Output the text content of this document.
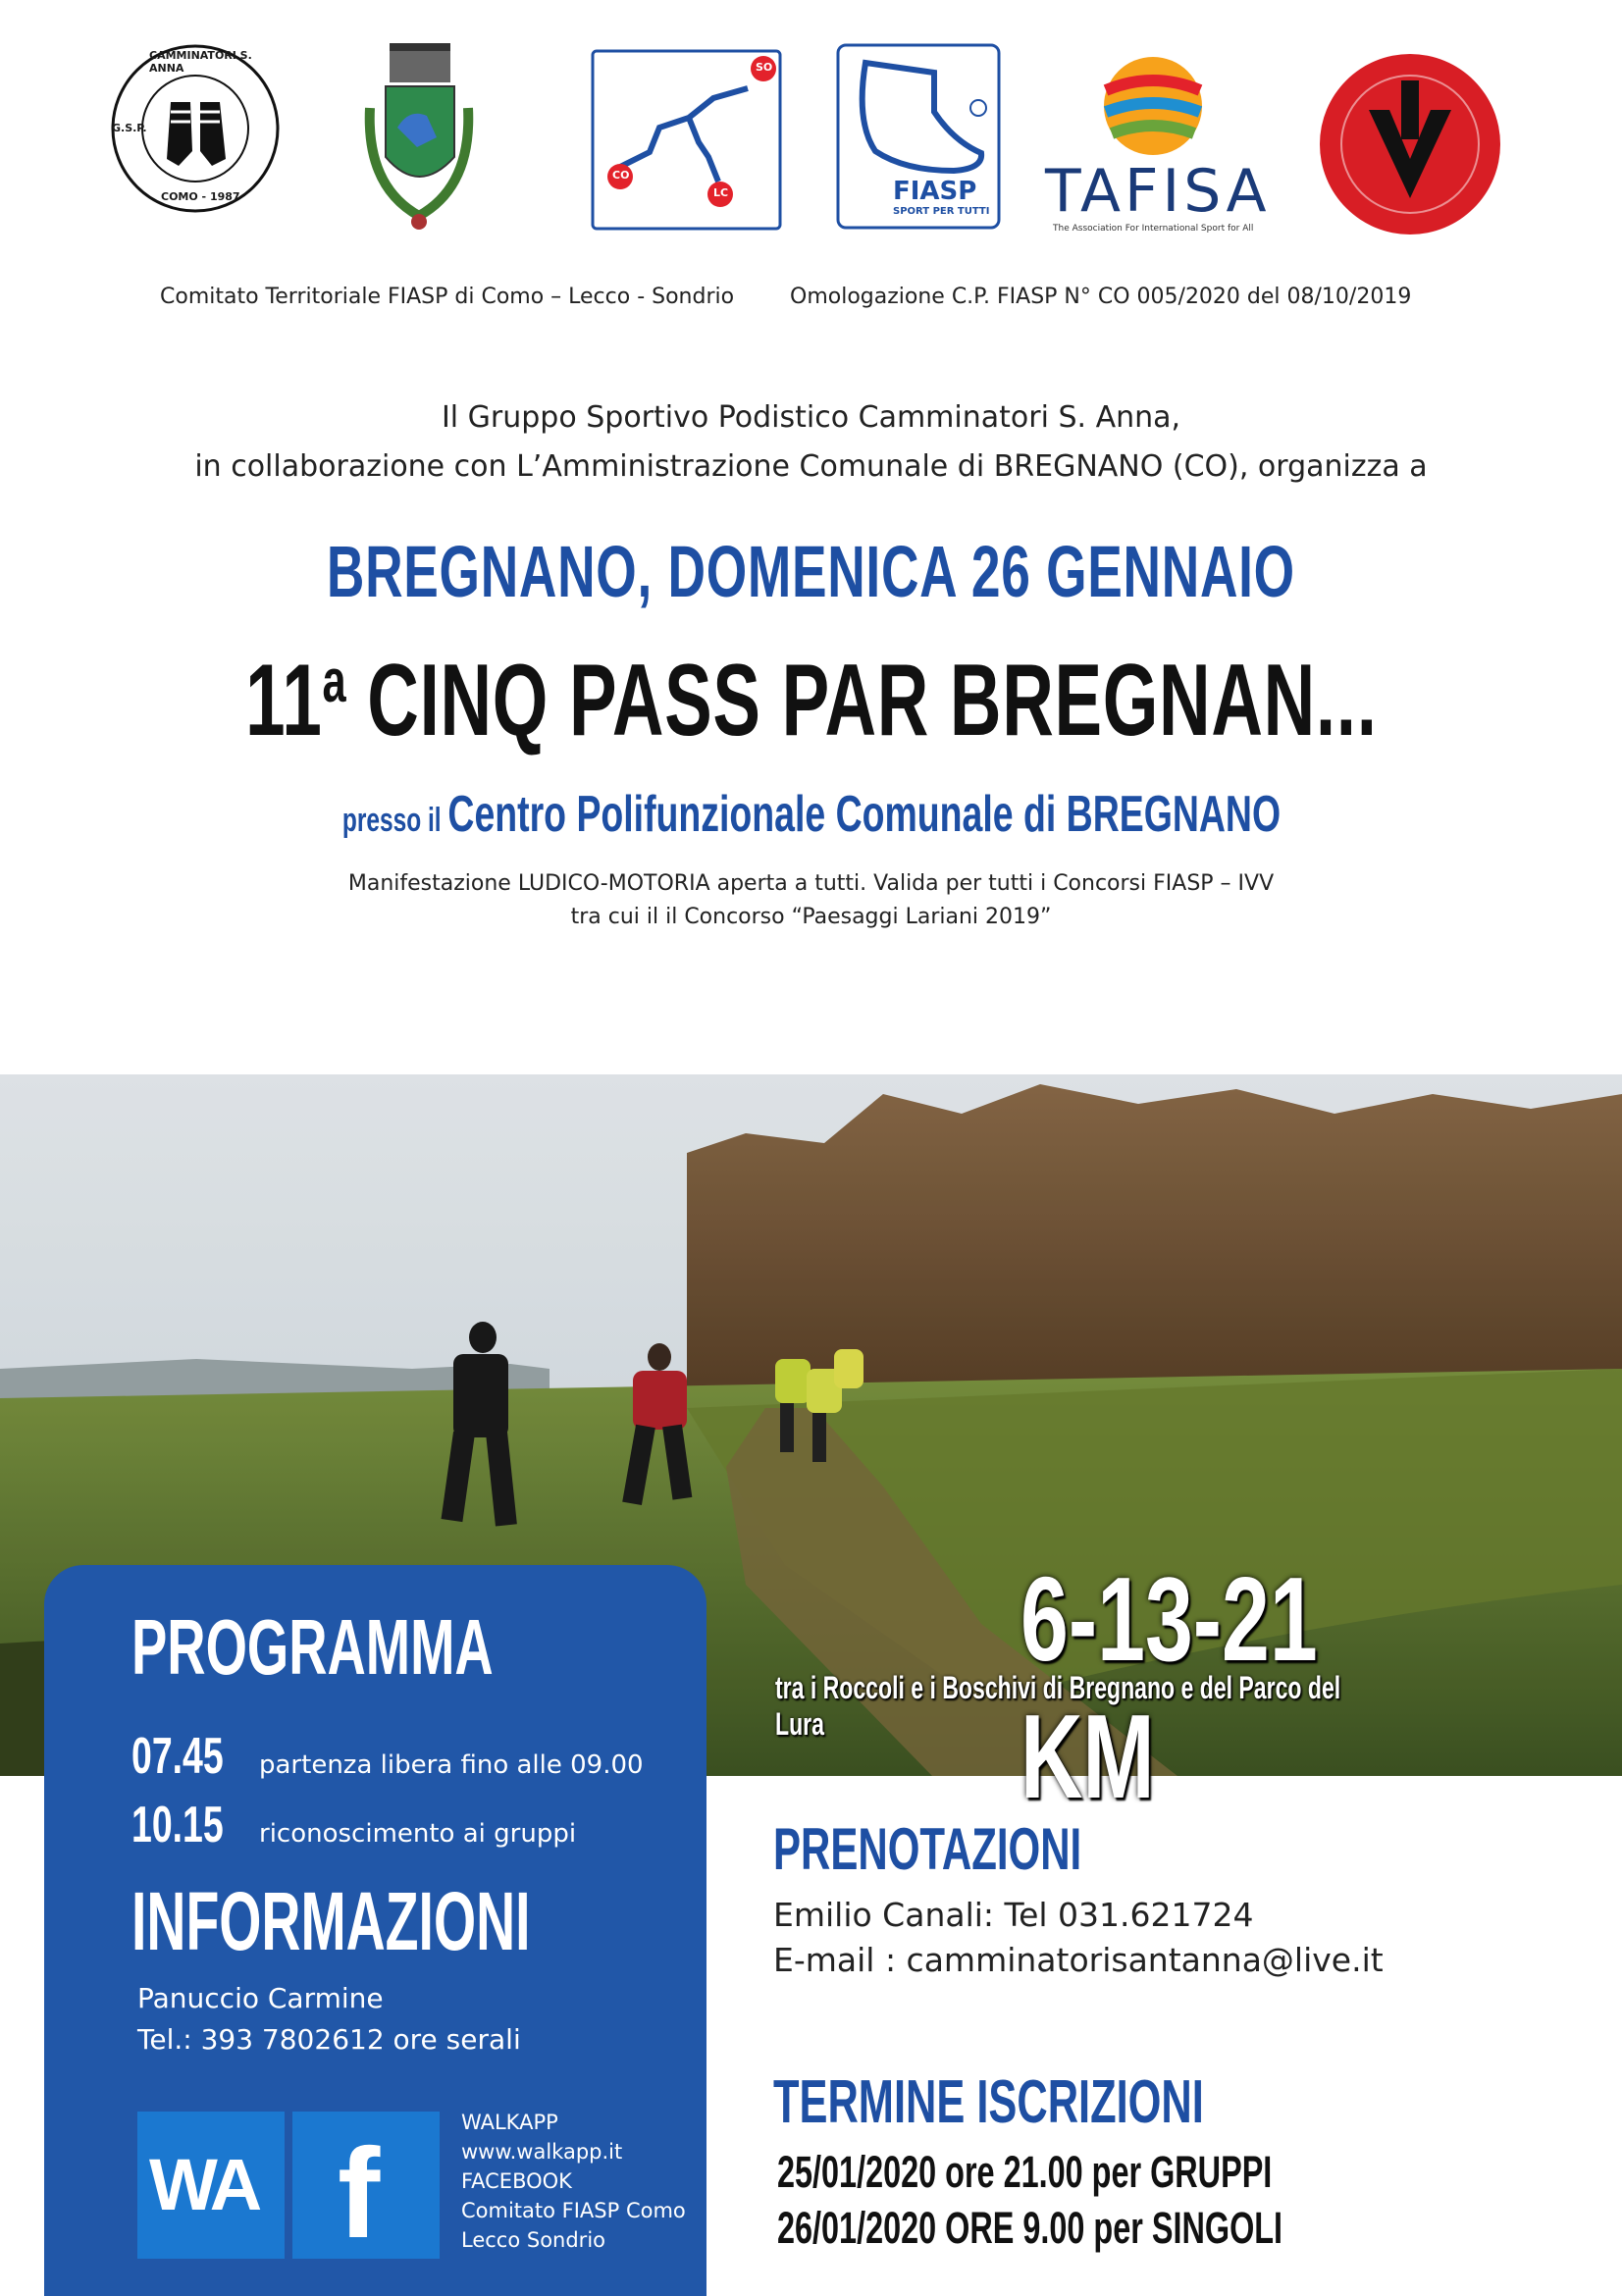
CAMMINATORI S. ANNA
G.S.P.
COMO - 1987
SO
CO
LC	FIASP
SPORT PER TUTTI TAFISA
The Association For International Sport for All
Comitato Territoriale FIASP di Como – Lecco - Sondrio	Omologazione C.P. FIASP N° CO 005/2020 del 08/10/2019
Il Gruppo Sportivo Podistico Camminatori S. Anna,
in collaborazione con L’Amministrazione Comunale di BREGNANO (CO), organizza a
BREGNANO, DOMENICA 26 GENNAIO
11$^a$ CINQ PASS PAR BREGNAN...
presso il Centro Polifunzionale Comunale di BREGNANO
Manifestazione LUDICO-MOTORIA aperta a tutti. Valida per tutti i Concorsi FIASP – IVV
tra cui il il Concorso “Paesaggi Lariani 2019”
6-13-21 KM
tra i Roccoli e i Boschivi di Bregnano e del Parco del Lura
PROGRAMMA
07.45 partenza libera fino alle 09.00
10.15 riconoscimento ai gruppi
INFORMAZIONI
Panuccio Carmine
Tel.: 393 7802612 ore serali
WA f	WALKAPP
www.walkapp.it
FACEBOOK
Comitato FIASP Como
Lecco Sondrio
PRENOTAZIONI
Emilio Canali: Tel 031.621724
E-mail : camminatorisantanna@live.it
TERMINE ISCRIZIONI
25/01/2020 ore 21.00 per GRUPPI
26/01/2020 ORE 9.00 per SINGOLI
